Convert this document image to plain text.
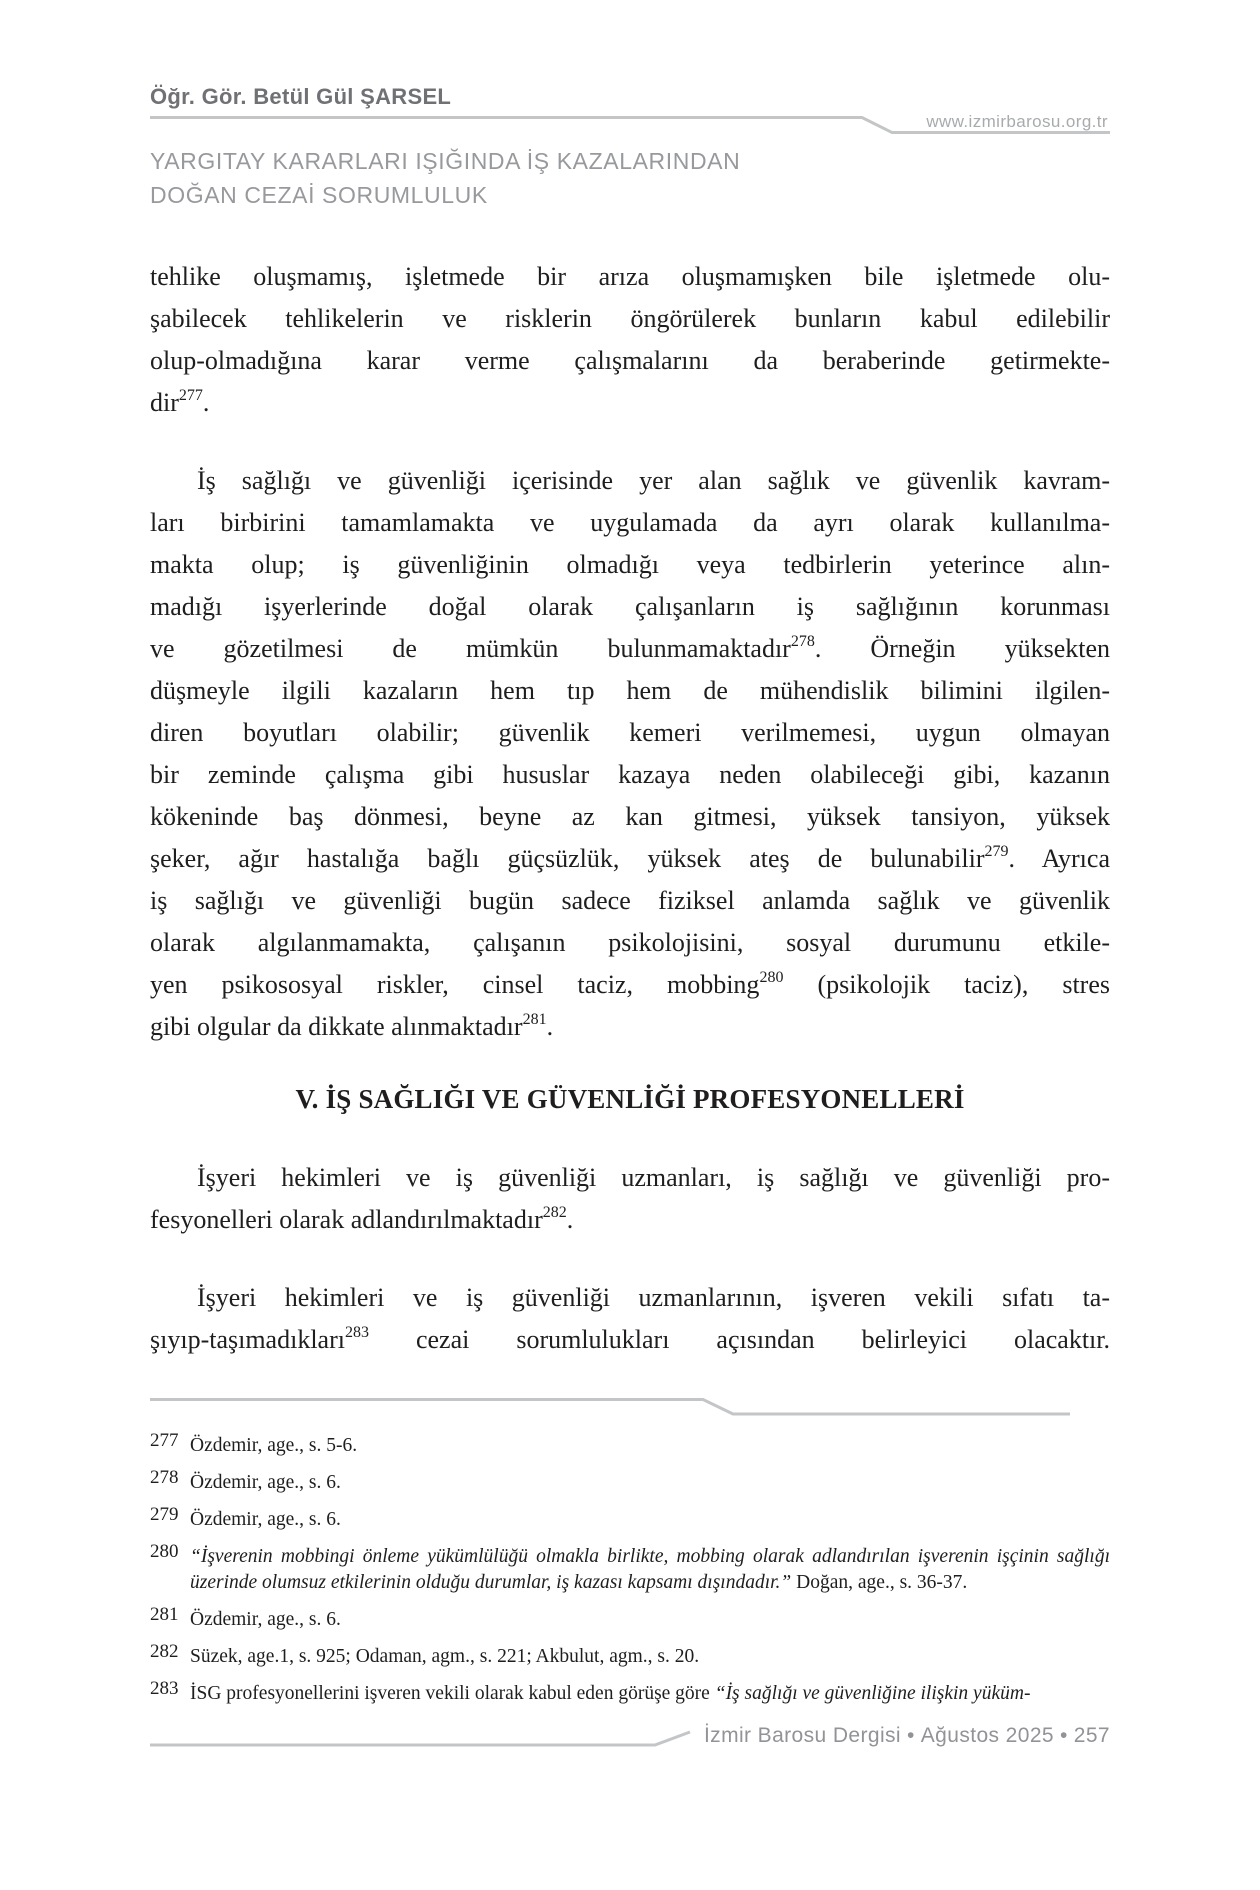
Öğr. Gör. Betül Gül ŞARSEL
www.izmirbarosu.org.tr
YARGITAY KARARLARI IŞIĞINDA İŞ KAZALARINDAN
DOĞAN CEZAİ SORUMLULUK
tehlike oluşmamış, işletmede bir arıza oluşmamışken bile işletmede olu-
şabilecek tehlikelerin ve risklerin öngörülerek bunların kabul edilebilir
olup-olmadığına karar verme çalışmalarını da beraberinde getirmekte-
dir$^{277}$.
İş sağlığı ve güvenliği içerisinde yer alan sağlık ve güvenlik kavram-
ları birbirini tamamlamakta ve uygulamada da ayrı olarak kullanılma-
makta olup; iş güvenliğinin olmadığı veya tedbirlerin yeterince alın-
madığı işyerlerinde doğal olarak çalışanların iş sağlığının korunması
ve gözetilmesi de mümkün bulunmamaktadır$^{278}$. Örneğin yüksekten
düşmeyle ilgili kazaların hem tıp hem de mühendislik bilimini ilgilen-
diren boyutları olabilir; güvenlik kemeri verilmemesi, uygun olmayan
bir zeminde çalışma gibi hususlar kazaya neden olabileceği gibi, kazanın
kökeninde baş dönmesi, beyne az kan gitmesi, yüksek tansiyon, yüksek
şeker, ağır hastalığa bağlı güçsüzlük, yüksek ateş de bulunabilir$^{279}$. Ayrıca
iş sağlığı ve güvenliği bugün sadece fiziksel anlamda sağlık ve güvenlik
olarak algılanmamakta, çalışanın psikolojisini, sosyal durumunu etkile-
yen psikososyal riskler, cinsel taciz, mobbing$^{280}$ (psikolojik taciz), stres
gibi olgular da dikkate alınmaktadır$^{281}$.
V. İŞ SAĞLIĞI VE GÜVENLİĞİ PROFESYONELLERİ
İşyeri hekimleri ve iş güvenliği uzmanları, iş sağlığı ve güvenliği pro-
fesyonelleri olarak adlandırılmaktadır$^{282}$.
İşyeri hekimleri ve iş güvenliği uzmanlarının, işveren vekili sıfatı ta-
şıyıp-taşımadıkları$^{283}$ cezai sorumlulukları açısından belirleyici olacaktır.
277 Özdemir, age., s. 5-6.
278 Özdemir, age., s. 6.
279 Özdemir, age., s. 6.
280 “İşverenin mobbingi önleme yükümlülüğü olmakla birlikte, mobbing olarak adlandırılan işverenin işçinin sağlığı üzerinde olumsuz etkilerinin olduğu durumlar, iş kazası kapsamı dışındadır.” Doğan, age., s. 36-37.
281 Özdemir, age., s. 6.
282 Süzek, age.1, s. 925; Odaman, agm., s. 221; Akbulut, agm., s. 20.
283 İSG profesyonellerini işveren vekili olarak kabul eden görüşe göre “İş sağlığı ve güvenliğine ilişkin yüküm-
İzmir Barosu Dergisi • Ağustos 2025 • 257
